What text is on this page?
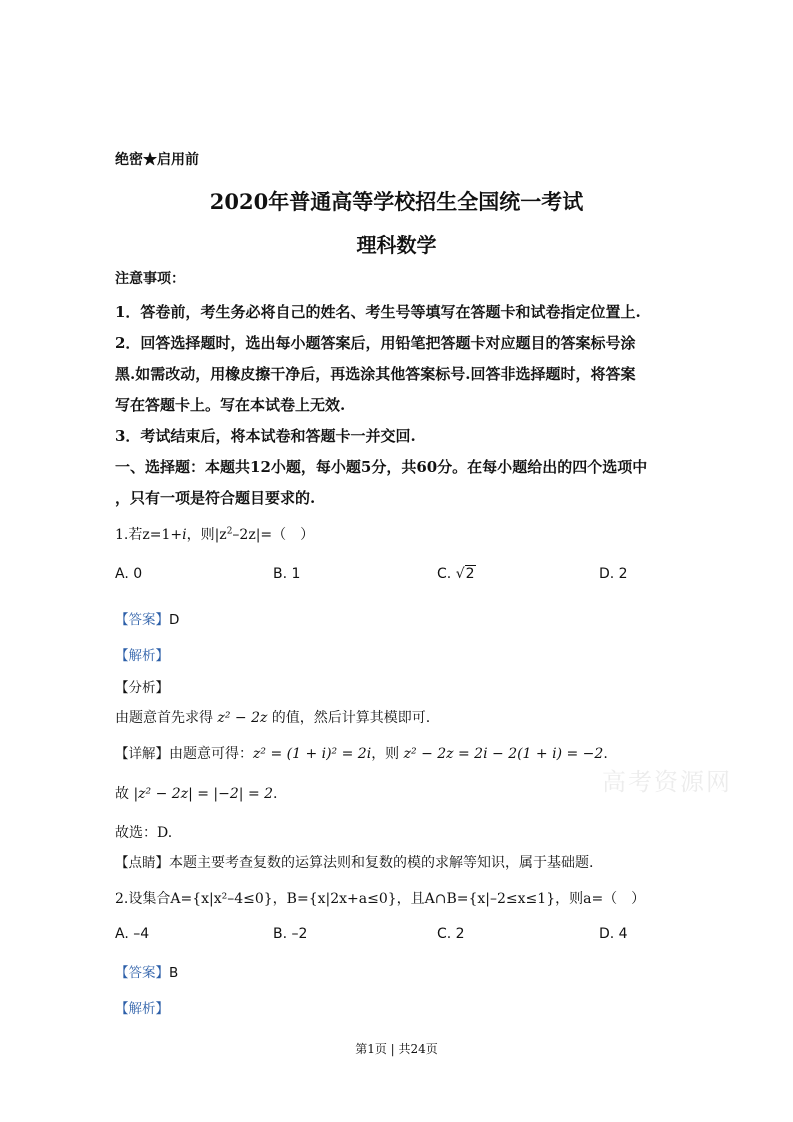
绝密★启用前
2020年普通高等学校招生全国统一考试
理科数学
注意事项：
1．答卷前，考生务必将自己的姓名、考生号等填写在答题卡和试卷指定位置上.
2．回答选择题时，选出每小题答案后，用铅笔把答题卡对应题目的答案标号涂
黑.如需改动，用橡皮擦干净后，再选涂其他答案标号.回答非选择题时，将答案
写在答题卡上。写在本试卷上无效.
3．考试结束后，将本试卷和答题卡一并交回.
一、选择题：本题共12小题，每小题5分，共60分。在每小题给出的四个选项中
，只有一项是符合题目要求的.
1.若z=1+i，则$|z^2-2z|=$（　）
A. 0	B. 1	C. √2	D. 2
【答案】D
【解析】
【分析】
由题意首先求得 z² − 2z 的值，然后计算其模即可.
【详解】由题意可得：z² = (1 + i)² = 2i，则 z² − 2z = 2i − 2(1 + i) = −2.
高考资源网
故 |z² − 2z| = |−2| = 2.
故选：D.
【点睛】本题主要考查复数的运算法则和复数的模的求解等知识，属于基础题.
2.设集合A={x|x²–4≤0}，B={x|2x+a≤0}，且A∩B={x|–2≤x≤1}，则a=（　）
A. –4	B. –2	C. 2	D. 4
【答案】B
【解析】
第1页 | 共24页
